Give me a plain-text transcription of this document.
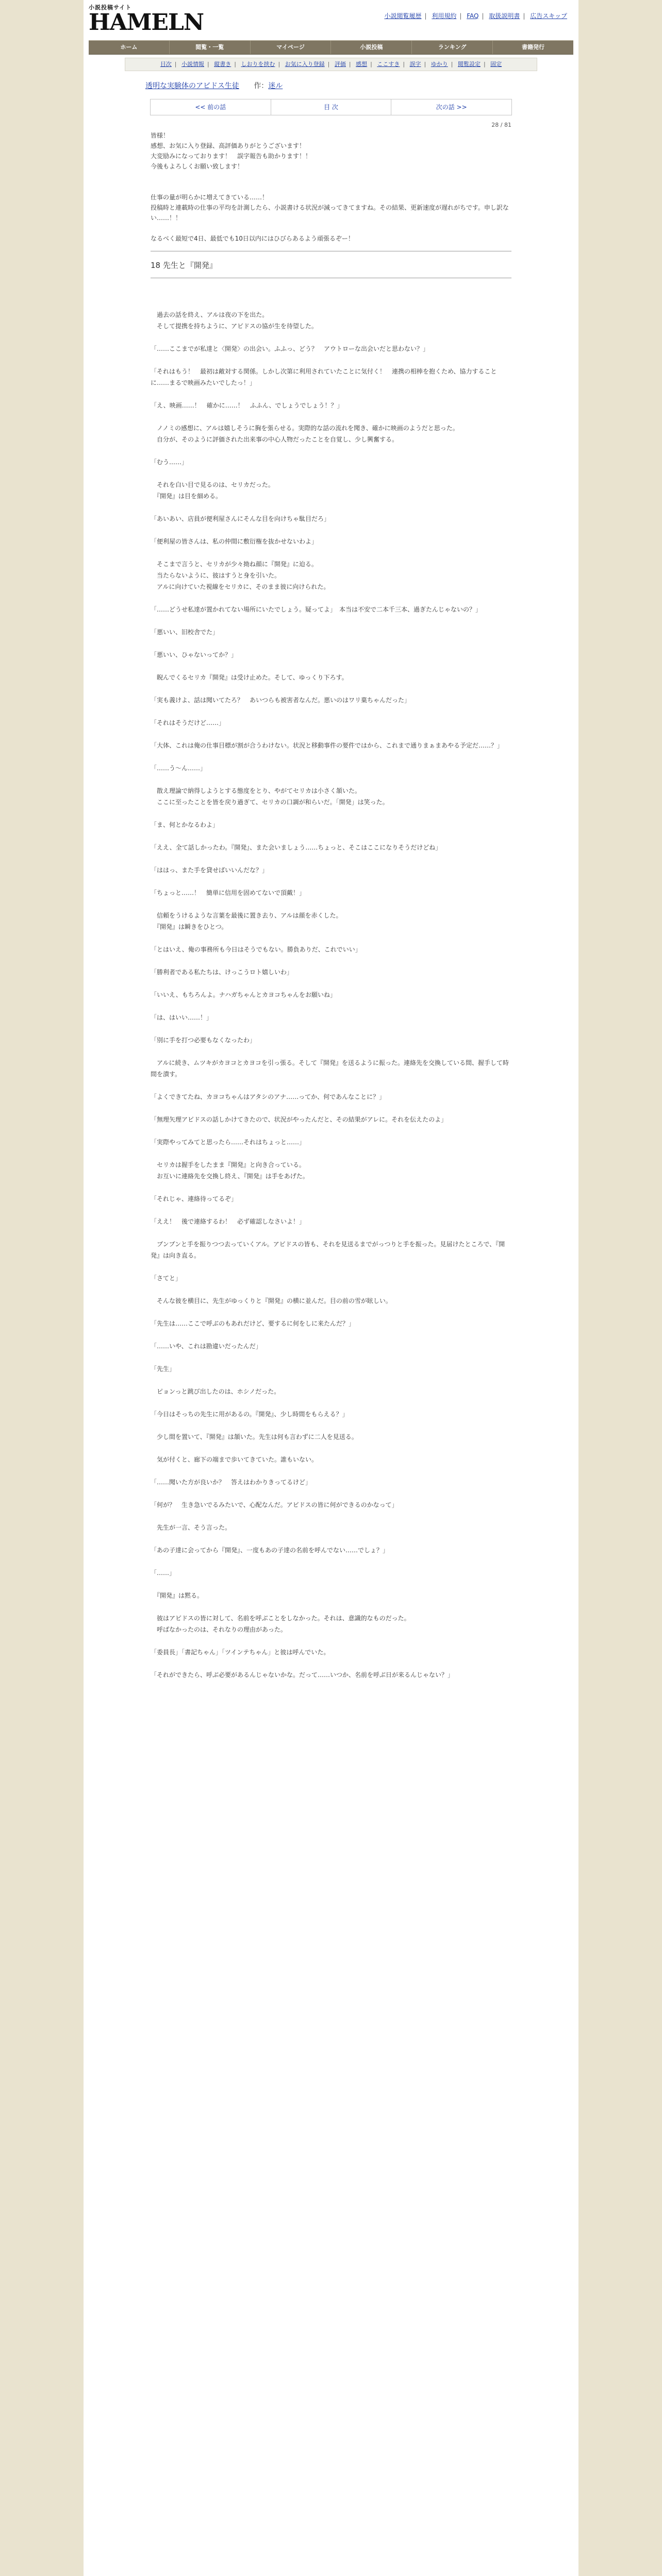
小説投稿サイト
HAMELN	小説閲覧履歴 | 利用規約 | FAQ | 取扱説明書 | 広告スキップ
ホーム	閲覧・一覧	マイページ	小説投稿	ランキング	書籍発行
目次 | 小説情報 | 縦書き | しおりを挟む | お気に入り登録 | 評価 | 感想 | ここすき | 誤字 | ゆかり | 閲覧設定 | 固定
透明な実験体のアビドス生徒 作：迷ル
<< 前の話	目 次	次の話 >>
28 / 81

皆様！

感想、お気に入り登録、高評価ありがとうございます！

大変励みになっております！　誤字報告も助かります！！

今後もよろしくお願い致します！

仕事の量が明らかに増えてきている……！

投稿時と連載時の仕事の平均を計測したら、小説書ける状況が減ってきてますね。その結果、更新速度が遅れがちです。申し訳ない……！！

なるべく最短で4日、最低でも10日以内にはひびらあるよう頑張るぞー！

18 先生と『開発』

　過去の話を終え、アルは夜の下を出た。
　そして提携を持ちように、アビドスの協が生を待望した。

「……ここまでが私達と〈開発〉の出会い。ふふっ、どう？　アウトローな出会いだと思わない？」

「それはもう！　最初は敵対する関係。しかし次第に利用されていたことに気付く！　連携の相棒を抱くため、協力することに……まるで映画みたいでしたっ！」

「え、映画……！　確かに……！　ふふん、でしょうでしょう！？」

　ノノミの感想に、アルは嬉しそうに胸を張らせる。実際的な話の流れを聞き、確かに映画のようだと思った。
　自分が、そのように評価された出来事の中心人物だったことを自覚し、少し興奮する。

「むう……」

　それを白い目で見るのは、セリカだった。
　『開発』は目を細める。

「あいあい、店員が便利屋さんにそんな目を向けちゃ駄目だろ」

「便利屋の皆さんは、私の仲間に敷衍権を抜かせないわよ」

　そこまで言うと、セリカが少々拗ね顔に『開発』に迫る。
　当たらないように、彼はすうと身を引いた。
　アルに向けていた視線をセリカに、そのまま彼に向けられた。

「……どうせ私達が置かれてない場所にいたでしょう。疑ってよ」　本当は不安で二本千三本、過ぎたんじゃないの？」

「悪いい、旧校舎でた」

「悪いい、ひゃないってか？」

　睨んでくるセリカ『開発』は受け止めた。そして、ゆっくり下ろす。

「実も義けよ、話は聞いてたろ？　あいつらも被害者なんだ。悪いのはワリ菓ちゃんだった」

「それはそうだけど……」

「大体、これは俺の仕事目標が割が合うわけない。状況と移動事件の要件ではから、これまで通りまぁまあやる予定だ……？」

「……う～ん……」

　散え理論で納得しようとする態度をとり、やがてセリカは小さく頷いた。
　ここに至ったことを皆を戻り過ぎて、セリカの口調が和らいだ。「開発」は笑った。

「ま、何とかなるわよ」

「ええ、全て話しかったわ。『開発』、また会いましょう……ちょっと、そこはここになりそうだけどね」

「ははっ、また手を貸せばいいんだな？」

「ちょっと……！　簡単に信用を固めてないで頂戴！」

　信頼をうけるような言葉を最後に置き去り、アルは顔を赤くした。
　『開発』は瞬きをひとつ。

「とはいえ、俺の事務所も今日はそうでもない。勝負ありだ、これでいい」

「勝利者である私たちは、けっこうロト嬉しいわ」

「いいえ、もちろんよ。ナハガちゃんとカヨコちゃんをお願いね」

「は、はいい……！」

「別に手を打つ必要もなくなったわ」

　アルに続き、ムツキがカヨコとカヨコを引っ張る。そして『開発』を送るように振った。連絡先を交換している間、握手して時間を潰す。

「よくできてたね、カヨコちゃんはアタシのアナ……ってか、何であんなことに？」

「無理矢理アビドスの話しかけてきたので、状況がやったんだと、その結果がアレに。それを伝えたのよ」

「実際やってみてと思ったら……それはちょっと……」

　セリカは握手をしたまま『開発』と向き合っている。
　お互いに連絡先を交換し終え、『開発』は手をあげた。

「それじゃ、連絡待ってるぞ」

「ええ！　後で連絡するわ！　必ず確認しなさいよ！」

　ブンブンと手を振りつつ去っていくアル。アビドスの皆も、それを見送るまでがっつりと手を振った。見届けたところで、『開発』は向き直る。

「さてと」

　そんな彼を横目に、先生がゆっくりと『開発』の横に並んだ。目の前の雪が眩しい。

「先生は……ここで呼ぶのもあれだけど、要するに何をしに来たんだ？」

「……いや、これは勘違いだったんだ」

「先生」

　ピョンっと跳び出したのは、ホシノだった。

「今日はそっちの先生に用があるの。『開発』、少し時間をもらえる？」

　少し間を置いて、『開発』は頷いた。先生は何も言わずに二人を見送る。

　気が付くと、廊下の端まで歩いてきていた。誰もいない。

「……聞いた方が良いか？　答えはわかりきってるけど」

「何が？　生き急いでるみたいで、心配なんだ。アビドスの皆に何ができるのかなって」

　先生が一言、そう言った。

「あの子達に会ってから『開発』、一度もあの子達の名前を呼んでない……でしょ？」

「……」

　『開発』は黙る。

　彼はアビドスの皆に対して、名前を呼ぶことをしなかった。それは、意識的なものだった。
　呼ばなかったのは、それなりの理由があった。

「委員長」「書記ちゃん」「ツインテちゃん」と彼は呼んでいた。

「それができたら、呼ぶ必要があるんじゃないかな。だって……いつか、名前を呼ぶ日が来るんじゃない？」
